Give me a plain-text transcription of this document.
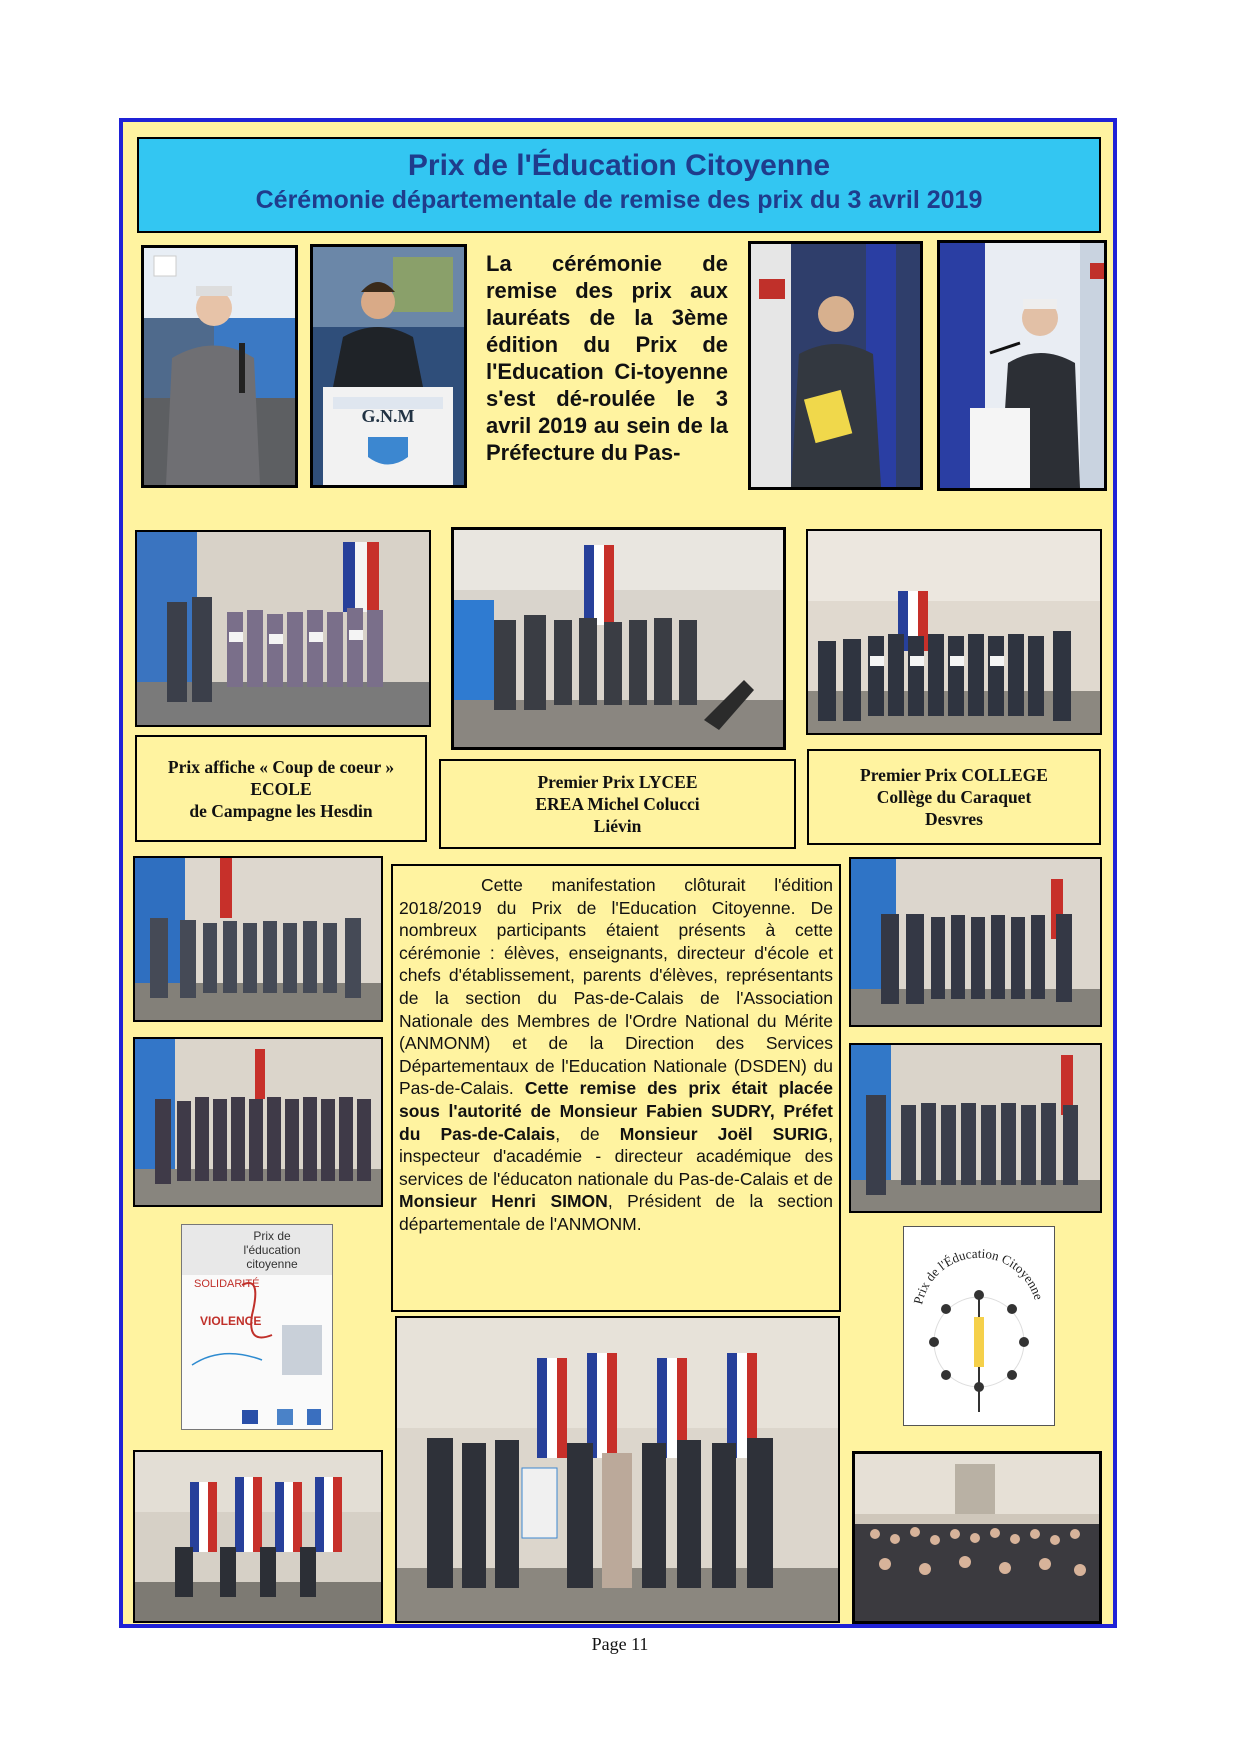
Prix de l'Éducation Citoyenne
Cérémonie départementale de remise des prix du 3 avril 2019
G.N.M
La cérémonie de remise des prix aux lauréats de la 3ème édition du Prix de l'Education Ci-toyenne s'est dé-roulée le 3 avril 2019 au sein de la Préfecture du Pas-
Prix affiche « Coup de coeur »
ECOLE
de Campagne les Hesdin
Premier Prix LYCEE
EREA Michel Colucci
Liévin
Premier Prix COLLEGE
Collège du Caraquet
Desvres
Cette manifestation clôturait l'édition 2018/2019 du Prix de l'Education Citoyenne. De nombreux participants étaient présents à cette cérémonie : élèves, enseignants, directeur d'école et chefs d'établissement, parents d'élèves, représentants de la section du Pas-de-Calais de l'Association Nationale des Membres de l'Ordre National du Mérite (ANMONM) et de la Direction des Services Départementaux de l'Education Nationale (DSDEN) du Pas-de-Calais. Cette remise des prix était placée sous l'autorité de Monsieur Fabien SUDRY, Préfet du Pas-de-Calais, de Monsieur Joël SURIG, inspecteur d'académie - directeur académique des services de l'éducaton nationale du Pas-de-Calais et de Monsieur Henri SIMON, Président de la section départementale de l'ANMONM.
Prix de
l'éducation
citoyenne
SOLIDARITÉ
VIOLENCE
Prix de l'Éducation Citoyenne
Page 11
